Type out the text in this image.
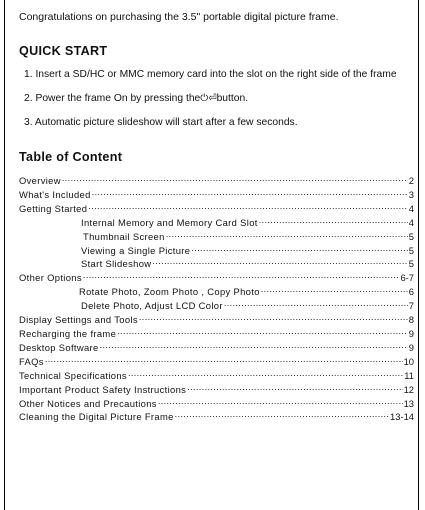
Congratulations on purchasing the 3.5" portable digital picture frame.

QUICK START
1. Insert a SD/HC or MMC memory card into the slot on the right side of the frame
2. Power the frame On by pressing the⏻⏎button.
3. Automatic picture slideshow will start after a few seconds.
Table of Content
Overview .....	2
What's Included .....	3
Getting Started .....	4
Internal Memory and Memory Card Slot .....	4
Thumbnail Screen .....	5
Viewing a Single Picture .....	5
Start Slideshow .....	5
Other Options .....	6-7
Rotate Photo, Zoom Photo , Copy Photo .....	6
Delete Photo, Adjust LCD Color .....	7
Display Settings and Tools .....	8
Recharging the frame .....	9
Desktop Software .....	9
FAQs .....	10
Technical Specifications .....	11
Important Product Safety Instructions .....	12
Other Notices and Precautions .....	13
Cleaning the Digital Picture Frame .....	13-14
